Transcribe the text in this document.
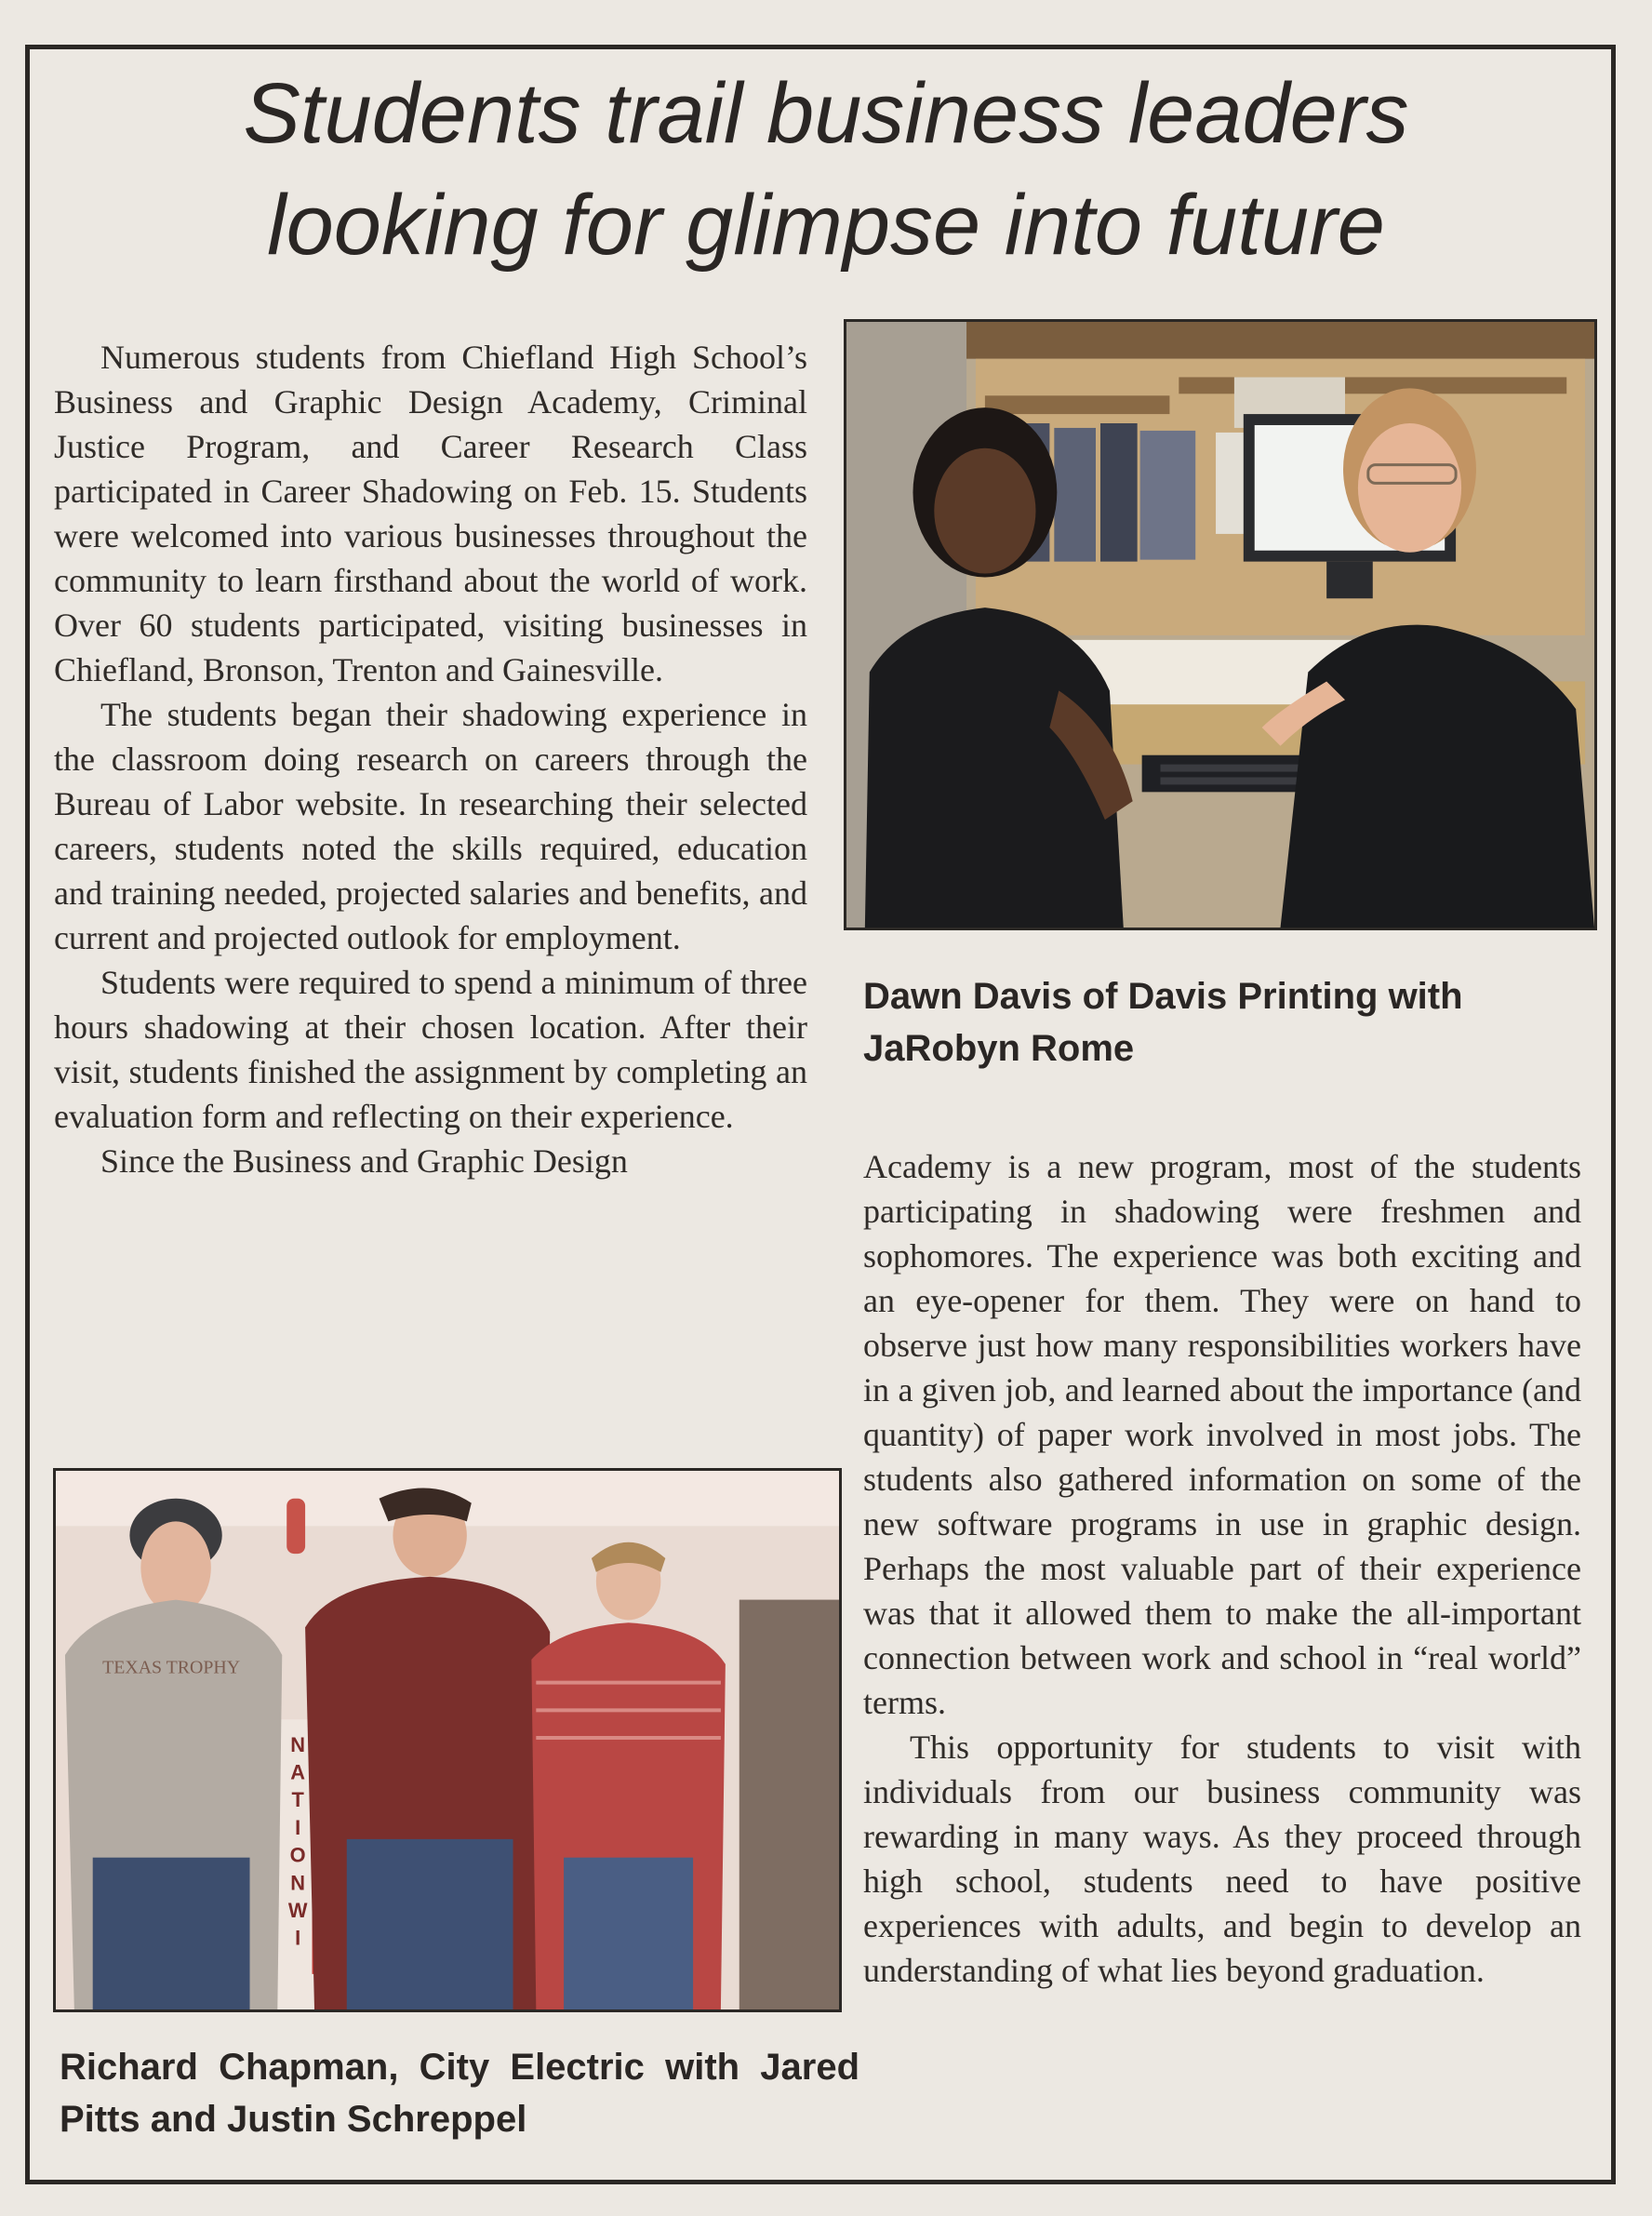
Students trail business leaders
looking for glimpse into future

Numerous students from Chiefland High School’s Business and Graphic Design Academy, Criminal Justice Program, and Career Research Class participated in Career Shadowing on Feb. 15. Students were welcomed into various businesses throughout the community to learn firsthand about the world of work. Over 60 students participated, visiting businesses in Chiefland, Bronson, Trenton and Gainesville.

The students began their shadowing experience in the classroom doing research on careers through the Bureau of Labor website. In researching their selected careers, students noted the skills required, education and training needed, projected salaries and benefits, and current and projected outlook for employment.

Students were required to spend a minimum of three hours shadowing at their chosen location. After their visit, students finished the assignment by completing an evaluation form and reflecting on their experience.

Since the Business and Graphic Design

Dawn Davis of Davis Printing with JaRobyn Rome

Academy is a new program, most of the students participating in shadowing were freshmen and sophomores. The experience was both exciting and an eye-opener for them. They were on hand to observe just how many responsibilities workers have in a given job, and learned about the importance (and quantity) of paper work involved in most jobs. The students also gathered information on some of the new software programs in use in graphic design. Perhaps the most valuable part of their experience was that it allowed them to make the all-important connection between work and school in “real world” terms.

This opportunity for students to visit with individuals from our business community was rewarding in many ways. As they proceed through high school, students need to have positive experiences with adults, and begin to develop an understanding of what lies beyond graduation.

N
A
T
I
O
N
W
I
TEXAS TROPHY

Richard Chapman, City Electric with Jared Pitts and Justin Schreppel
